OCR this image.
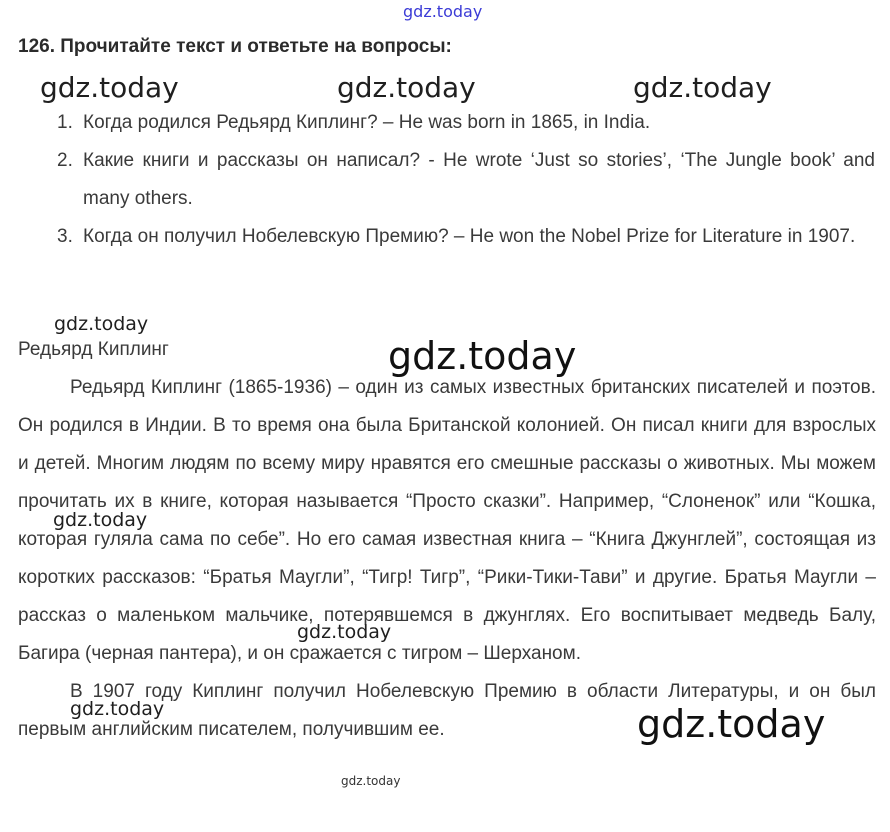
126. Прочитайте текст и ответьте на вопросы:
1. Когда родился Редьярд Киплинг? – He was born in 1865, in India.
2. Какие книги и рассказы он написал? - He wrote ‘Just so stories’, ‘The Jungle book’ and many others.
3. Когда он получил Нобелевскую Премию? – He won the Nobel Prize for Literature in 1907.
Редьярд Киплинг

Редьярд Киплинг (1865-1936) – один из самых известных британских писателей и поэтов. Он родился в Индии. В то время она была Британской колонией. Он писал книги для взрослых и детей. Многим людям по всему миру нравятся его смешные рассказы о животных. Мы можем прочитать их в книге, которая называется “Просто сказки”. Например, “Слоненок” или “Кошка, которая гуляла сама по себе”. Но его самая известная книга – “Книга Джунглей”, состоящая из коротких рассказов: “Братья Маугли”, “Тигр! Тигр”, “Рики-Тики-Тави” и другие. Братья Маугли – рассказ о маленьком мальчике, потерявшемся в джунглях. Его воспитывает медведь Балу, Багира (черная пантера), и он сражается с тигром – Шерханом.

В 1907 году Киплинг получил Нобелевскую Премию в области Литературы, и он был первым английским писателем, получившим ее.

gdz.today
gdz.today	gdz.today	gdz.today
gdz.today
gdz.today
gdz.today
gdz.today
gdz.today	gdz.today
gdz.today
